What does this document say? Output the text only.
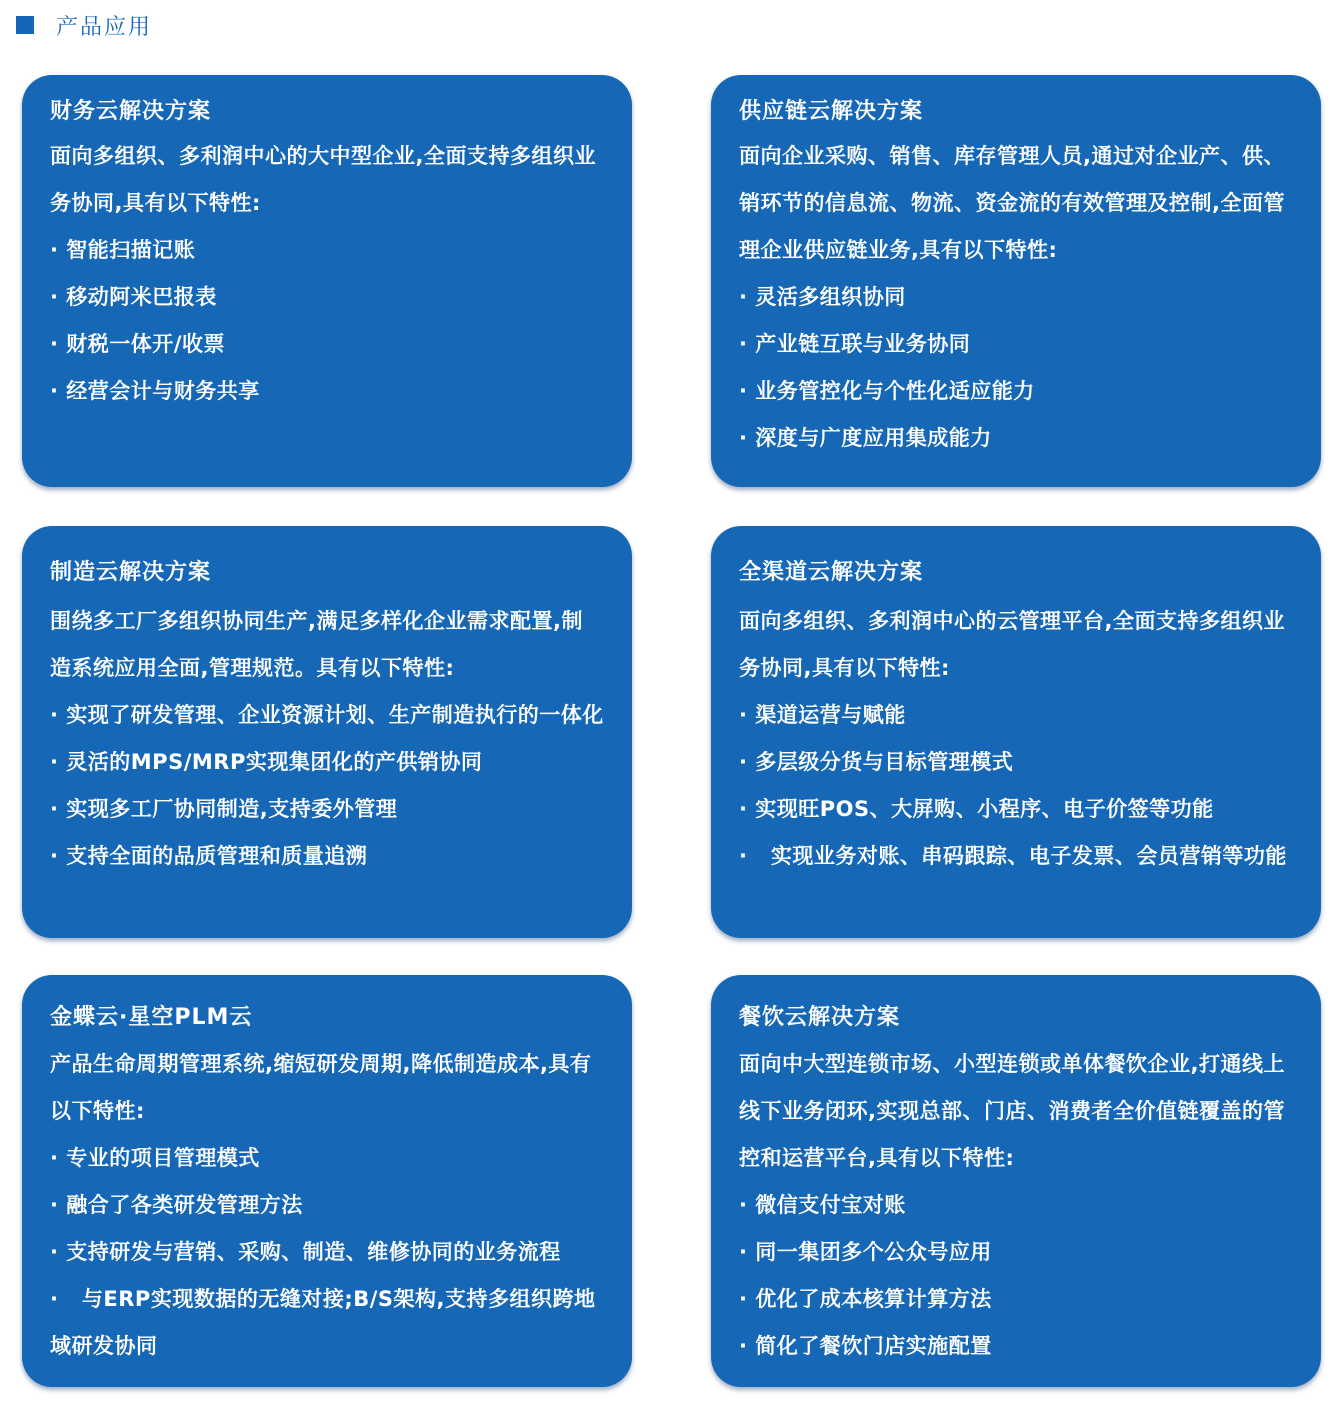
产品应用
财务云解决方案
面向多组织、多利润中心的大中型企业,全面支持多组织业务协同,具有以下特性:
· 智能扫描记账
· 移动阿米巴报表
· 财税一体开/收票
· 经营会计与财务共享
供应链云解决方案
面向企业采购、销售、库存管理人员,通过对企业产、供、销环节的信息流、物流、资金流的有效管理及控制,全面管理企业供应链业务,具有以下特性:
· 灵活多组织协同
· 产业链互联与业务协同
· 业务管控化与个性化适应能力
· 深度与广度应用集成能力
制造云解决方案
围绕多工厂多组织协同生产,满足多样化企业需求配置,制造系统应用全面,管理规范。具有以下特性:
· 实现了研发管理、企业资源计划、生产制造执行的一体化
· 灵活的MPS/MRP实现集团化的产供销协同
· 实现多工厂协同制造,支持委外管理
· 支持全面的品质管理和质量追溯
全渠道云解决方案
面向多组织、多利润中心的云管理平台,全面支持多组织业务协同,具有以下特性:
· 渠道运营与赋能
· 多层级分货与目标管理模式
· 实现旺POS、大屏购、小程序、电子价签等功能
·   实现业务对账、串码跟踪、电子发票、会员营销等功能
金蝶云·星空PLM云
产品生命周期管理系统,缩短研发周期,降低制造成本,具有以下特性:
· 专业的项目管理模式
· 融合了各类研发管理方法
· 支持研发与营销、采购、制造、维修协同的业务流程
·   与ERP实现数据的无缝对接;B/S架构,支持多组织跨地域研发协同
餐饮云解决方案
面向中大型连锁市场、小型连锁或单体餐饮企业,打通线上线下业务闭环,实现总部、门店、消费者全价值链覆盖的管控和运营平台,具有以下特性:
· 微信支付宝对账
· 同一集团多个公众号应用
· 优化了成本核算计算方法
· 简化了餐饮门店实施配置
